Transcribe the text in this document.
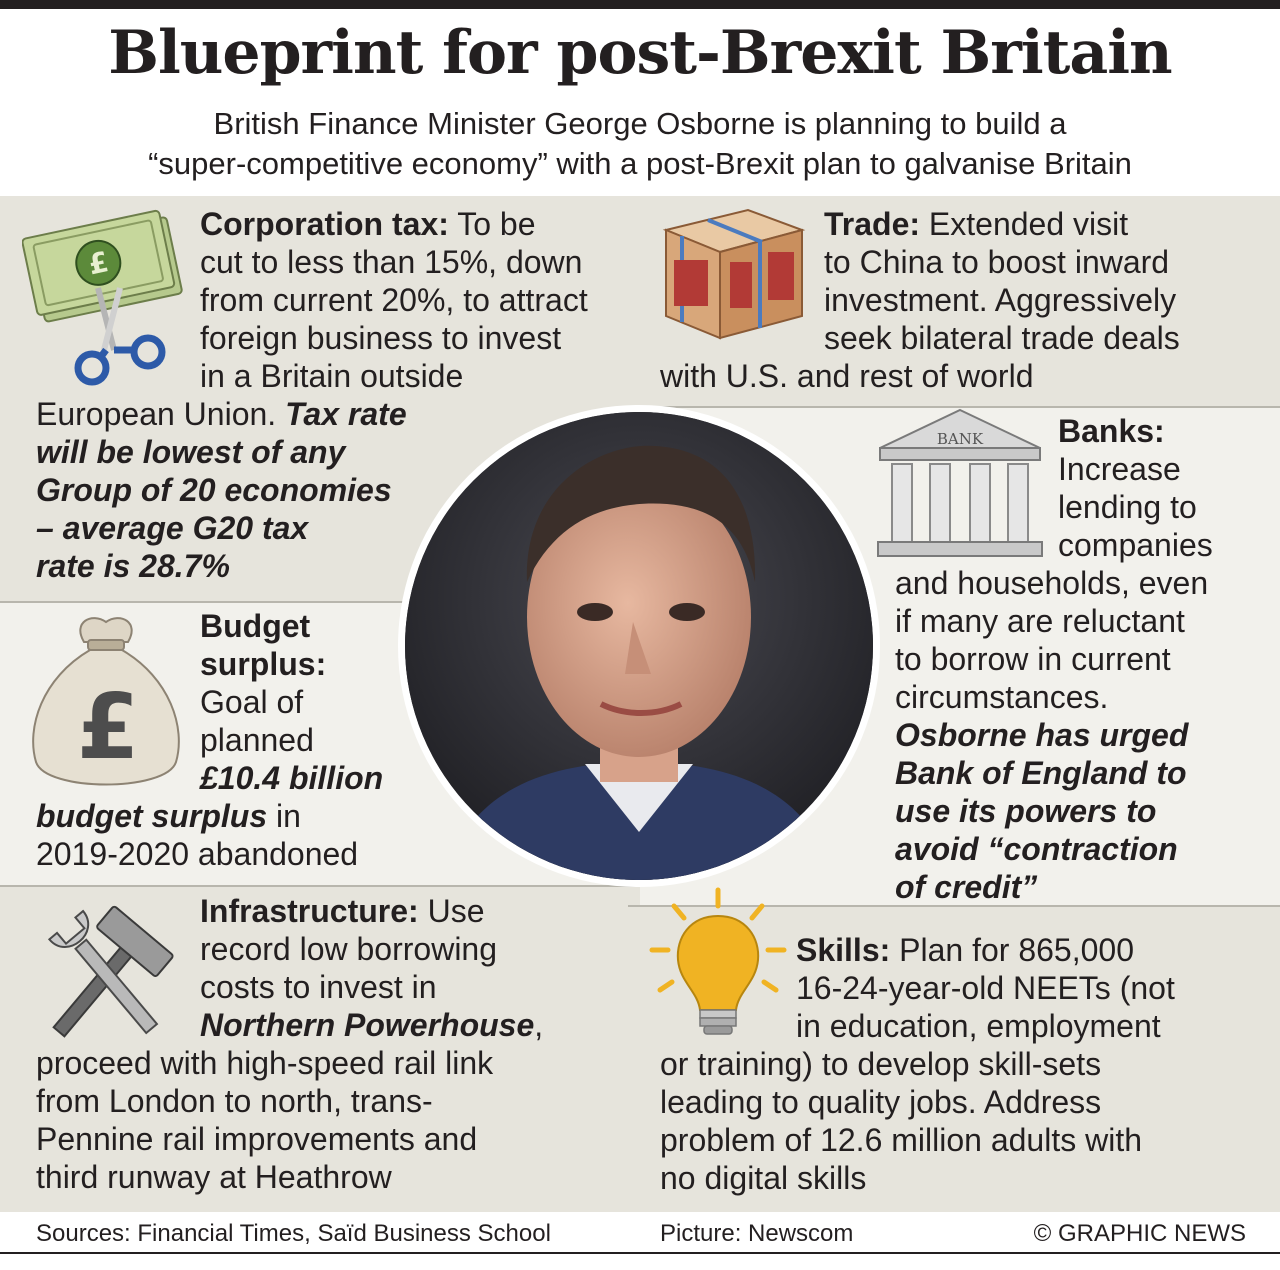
Blueprint for post-Brexit Britain
British Finance Minister George Osborne is planning to build a
“super-competitive economy” with a post-Brexit plan to galvanise Britain
£
Corporation tax: To be
cut to less than 15%, down
from current 20%, to attract
foreign business to invest
in a Britain outside
European Union. Tax rate
will be lowest of any
Group of 20 economies
– average G20 tax
rate is 28.7%
Trade: Extended visit
to China to boost inward
investment. Aggressively
seek bilateral trade deals
with U.S. and rest of world
BANK Banks:
Increase
lending to
companies
and households, even
if many are reluctant
to borrow in current
circumstances.
Osborne has urged
Bank of England to
use its powers to
avoid “contraction
of credit”
£
Budget
surplus:
Goal of
planned
£10.4 billion
budget surplus in
2019-2020 abandoned
Infrastructure: Use
record low borrowing
costs to invest in
Northern Powerhouse,
proceed with high-speed rail link
from London to north, trans-
Pennine rail improvements and
third runway at Heathrow
Skills: Plan for 865,000
16-24-year-old NEETs (not
in education, employment
or training) to develop skill-sets
leading to quality jobs. Address
problem of 12.6 million adults with
no digital skills
Sources: Financial Times, Saïd Business School	Picture: Newscom	© GRAPHIC NEWS
